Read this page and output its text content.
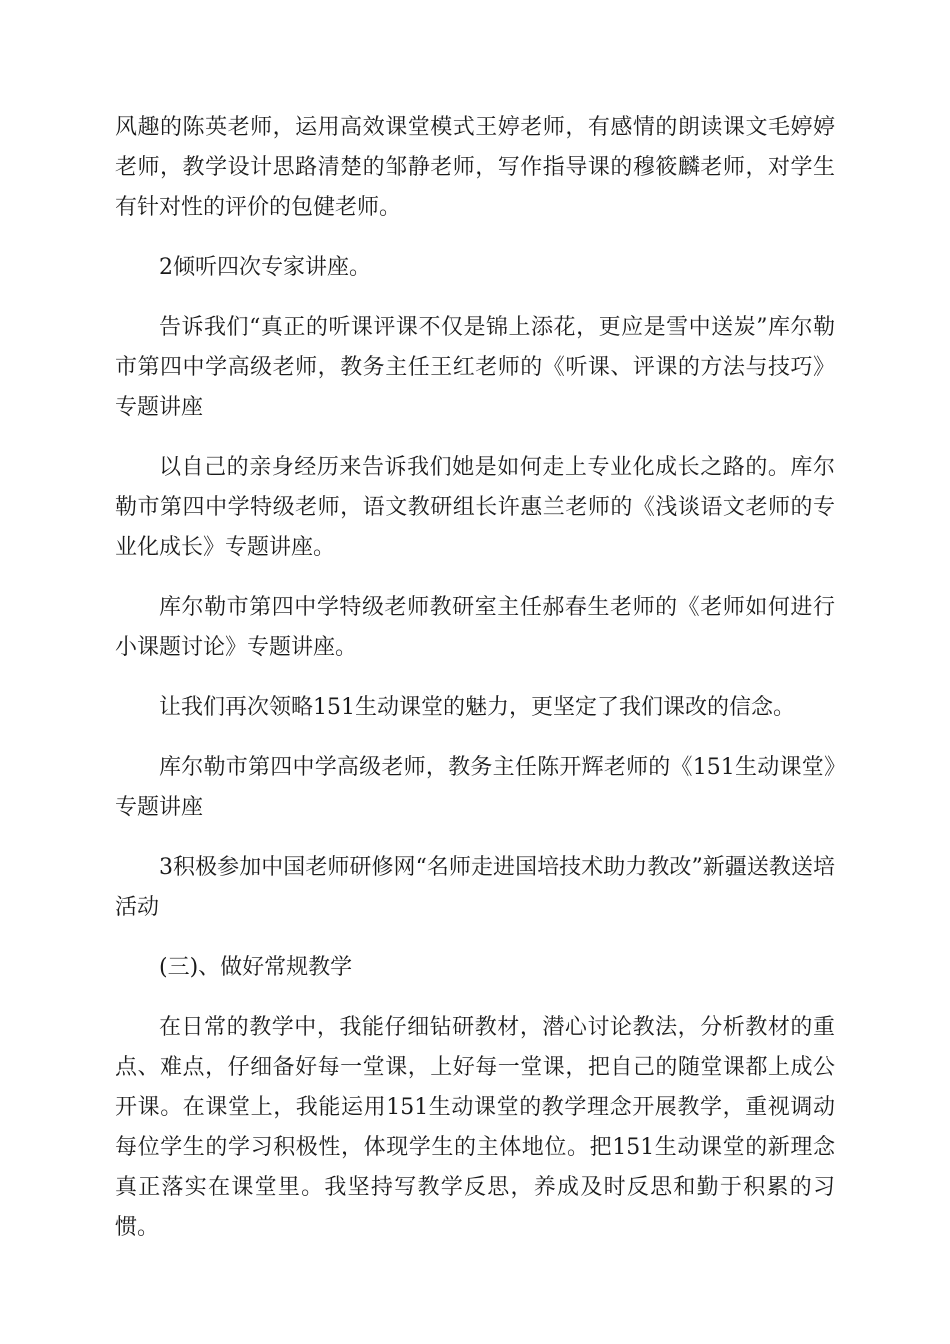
风趣的陈英老师，运用高效课堂模式王婷老师，有感情的朗读课文毛婷婷老师，教学设计思路清楚的邹静老师，写作指导课的穆筱麟老师，对学生有针对性的评价的包健老师。

2倾听四次专家讲座。

告诉我们“真正的听课评课不仅是锦上添花，更应是雪中送炭”库尔勒市第四中学高级老师，教务主任王红老师的《听课、评课的方法与技巧》专题讲座

以自己的亲身经历来告诉我们她是如何走上专业化成长之路的。库尔勒市第四中学特级老师，语文教研组长许惠兰老师的《浅谈语文老师的专业化成长》专题讲座。

库尔勒市第四中学特级老师教研室主任郝春生老师的《老师如何进行小课题讨论》专题讲座。

让我们再次领略151生动课堂的魅力，更坚定了我们课改的信念。

库尔勒市第四中学高级老师，教务主任陈开辉老师的《151生动课堂》专题讲座

3积极参加中国老师研修网“名师走进国培技术助力教改”新疆送教送培活动

(三)、做好常规教学

在日常的教学中，我能仔细钻研教材，潜心讨论教法，分析教材的重点、难点，仔细备好每一堂课，上好每一堂课，把自己的随堂课都上成公开课。在课堂上，我能运用151生动课堂的教学理念开展教学，重视调动每位学生的学习积极性，体现学生的主体地位。把151生动课堂的新理念真正落实在课堂里。我坚持写教学反思，养成及时反思和勤于积累的习惯。
